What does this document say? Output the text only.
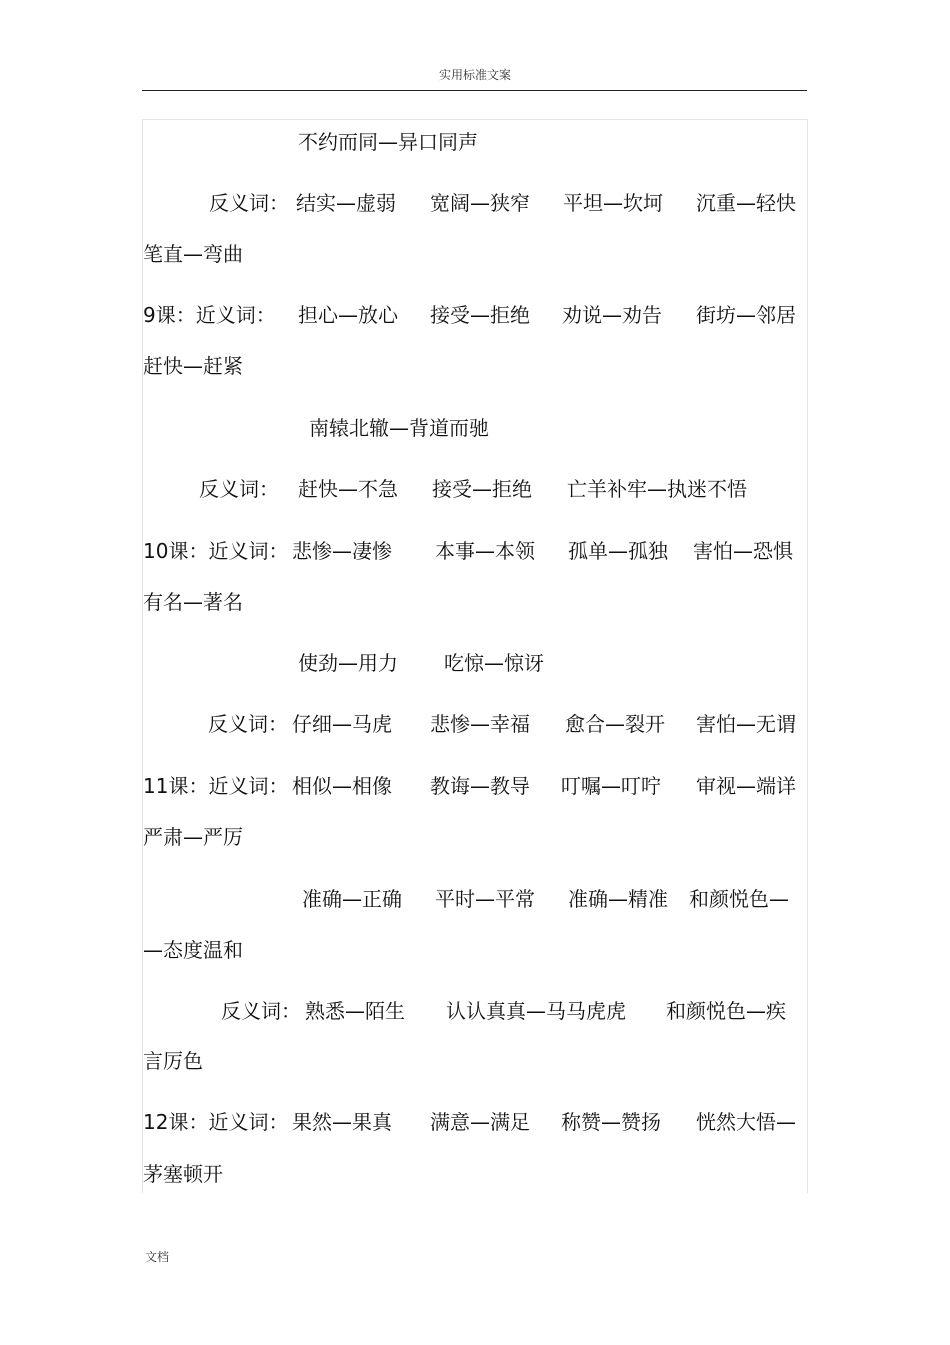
实用标准文案
不约而同—异口同声
反义词： 结实—虚弱 宽阔—狭窄 平坦—坎坷 沉重—轻快
笔直—弯曲
9课：近义词： 担心—放心 接受—拒绝 劝说—劝告 街坊—邻居
赶快—赶紧
南辕北辙—背道而驰
反义词： 赶快—不急 接受—拒绝 亡羊补牢—执迷不悟
10课：近义词： 悲惨—凄惨 本事—本领 孤单—孤独 害怕—恐惧
有名—著名
使劲—用力 吃惊—惊讶
反义词： 仔细—马虎 悲惨—幸福 愈合—裂开 害怕—无谓
11课：近义词： 相似—相像 教诲—教导 叮嘱—叮咛 审视—端详
严肃—严厉
准确—正确 平时—平常 准确—精准 和颜悦色—
—态度温和
反义词： 熟悉—陌生 认认真真—马马虎虎 和颜悦色—疾
言厉色
12课：近义词： 果然—果真 满意—满足 称赞—赞扬 恍然大悟—
茅塞顿开
文档
